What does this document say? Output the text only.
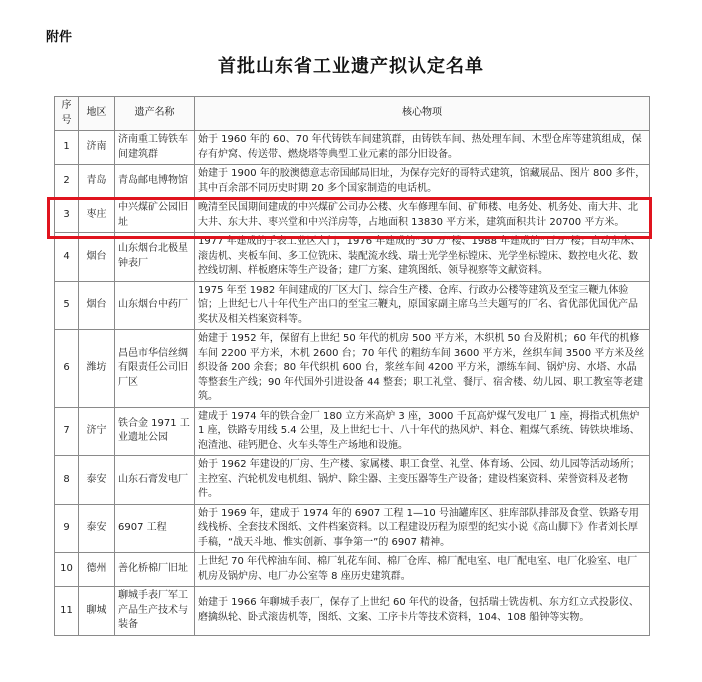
附件
首批山东省工业遗产拟认定名单
序号	地区	遗产名称	核心物项
1	济南	济南重工铸铁车间建筑群	始于 1960 年的 60、70 年代铸铁车间建筑群，由铸铁车间、热处理车间、木型仓库等建筑组成，保存有炉窝、传送带、燃烧塔等典型工业元素的部分旧设备。
2	青岛	青岛邮电博物馆	始建于 1900 年的胶澳德意志帝国邮局旧址，为保存完好的哥特式建筑，馆藏展品、图片 800 多件，其中百余部不同历史时期 20 多个国家制造的电话机。
3	枣庄	中兴煤矿公园旧址	晚清至民国期间建成的中兴煤矿公司办公楼、火车修理车间、矿师楼、电务处、机务处、南大井、北大井、东大井、枣兴堂和中兴洋房等，占地面积 13830 平方米，建筑面积共计 20700 平方米。
4	烟台	山东烟台北极星钟表厂	1977 年建成的手表工业区大门，1976 年建成的“30 万”楼、1988 年建成的“百万”楼；自动车床、滚齿机、夹板车间、多工位铣床、装配流水线、瑞士光学坐标镗床、光学坐标镗床、数控电火花、数控线切割、样板磨床等生产设备；建厂方案、建筑图纸、领导视察等文献资料。
5	烟台	山东烟台中药厂	1975 年至 1982 年间建成的厂区大门、综合生产楼、仓库、行政办公楼等建筑及至宝三鞭九体验馆；上世纪七八十年代生产出口的至宝三鞭丸，原国家副主席乌兰夫题写的厂名、省优部优国优产品奖状及相关档案资料等。
6	潍坊	昌邑市华信丝绸有限责任公司旧厂区	始建于 1952 年，保留有上世纪 50 年代的机房 500 平方米，木织机 50 台及附机；60 年代的机修车间 2200 平方米，木机 2600 台；70 年代 的粗纺车间 3600 平方米，丝织车间 3500 平方米及丝织设备 200 余套；80 年代织机 600 台，浆丝车间 4200 平方米，漂练车间、锅炉房、水塔、水晶等整套生产线；90 年代国外引进设备 44 整套；职工礼堂、餐厅、宿舍楼、幼儿园、职工教室等老建筑。
7	济宁	铁合金 1971 工业遗址公园	建成于 1974 年的铁合金厂 180 立方米高炉 3 座，3000 千瓦高炉煤气发电厂 1 座，拇指式机焦炉 1 座，铁路专用线 5.4 公里，及上世纪七十、八十年代的热风炉、料仓、粗煤气系统、铸铁块堆场、泡渣池、硅钙肥仓、火车头等生产场地和设施。
8	泰安	山东石膏发电厂	始于 1962 年建设的厂房、生产楼、家属楼、职工食堂、礼堂、体育场、公园、幼儿园等活动场所；主控室、汽轮机发电机组、锅炉、除尘器、主变压器等生产设备；建设档案资料、荣誉资料及老物件。
9	泰安	6907 工程	始于 1969 年，建成于 1974 年的 6907 工程 1—10 号油罐库区、驻库部队排部及食堂、铁路专用线栈桥、全套技术图纸、文件档案资料。以工程建设历程为原型的纪实小说《高山脚下》作者刘长厚手稿，“战天斗地、惟实创新、事争第一”的 6907 精神。
10	德州	善化桥棉厂旧址	上世纪 70 年代榨油车间、棉厂轧花车间、棉厂仓库、棉厂配电室、电厂配电室、电厂化验室、电厂机房及锅炉房、电厂办公室等 8 座历史建筑群。
11	聊城	聊城手表厂军工产品生产技术与装备	始建于 1966 年聊城手表厂，保存了上世纪 60 年代的设备，包括瑞士铣齿机、东方红立式投影仪、磨擒纵轮、卧式滚齿机等，图纸、文案、工序卡片等技术资料，104、108 船钟等实物。
